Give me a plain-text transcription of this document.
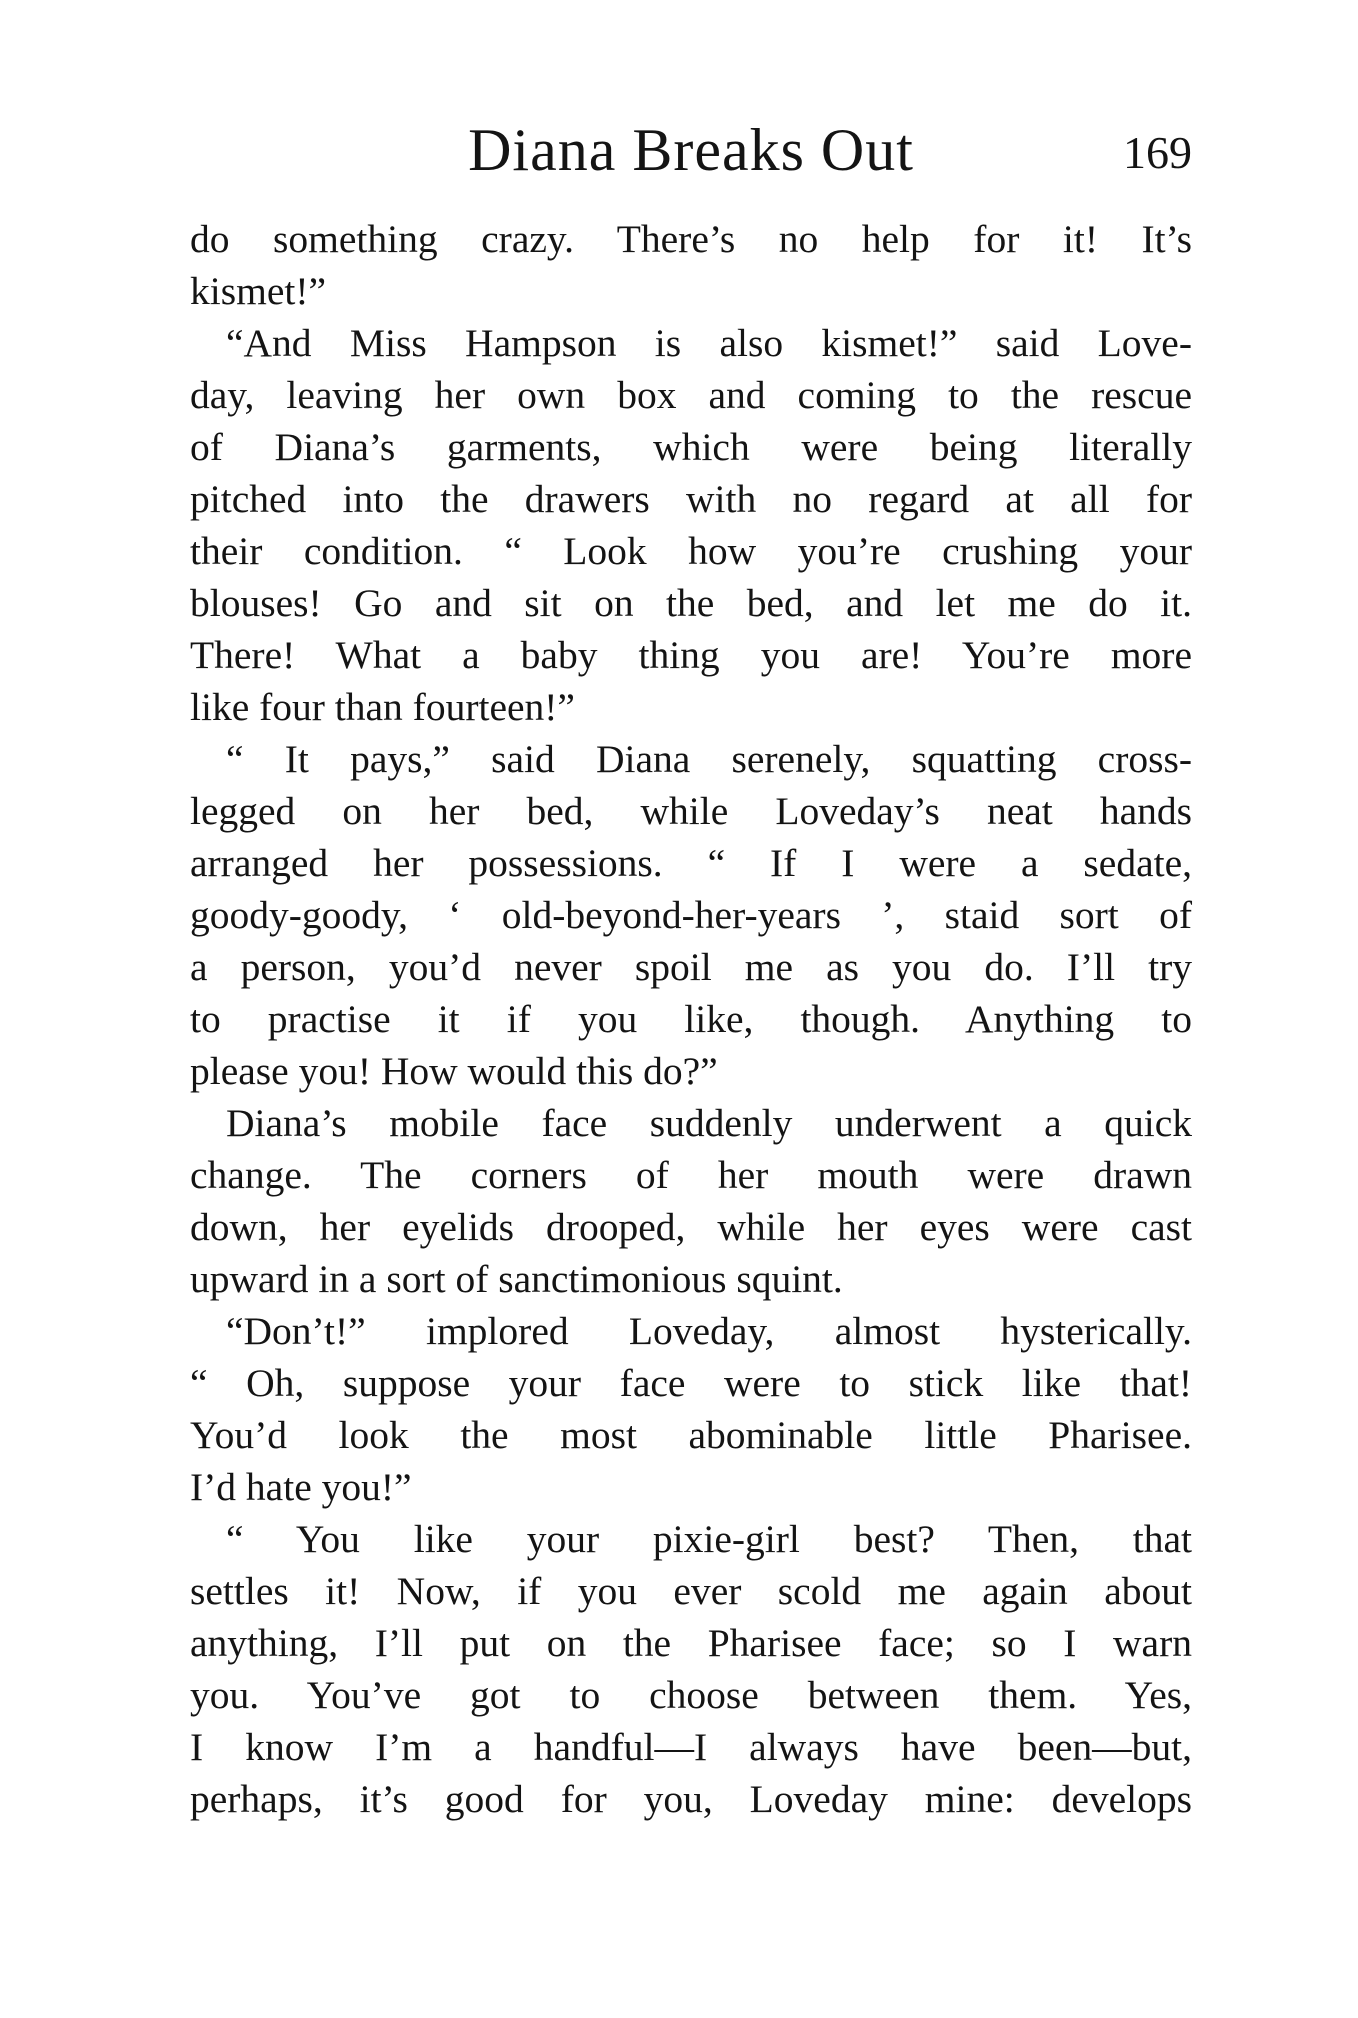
Diana Breaks Out	169
do something crazy. There’s no help for it! It’s
kismet!”
“And Miss Hampson is also kismet!” said Love-
day, leaving her own box and coming to the rescue
of Diana’s garments, which were being literally
pitched into the drawers with no regard at all for
their condition. “ Look how you’re crushing your
blouses! Go and sit on the bed, and let me do it.
There! What a baby thing you are! You’re more
like four than fourteen!”
“ It pays,” said Diana serenely, squatting cross-
legged on her bed, while Loveday’s neat hands
arranged her possessions. “ If I were a sedate,
goody-goody, ‘ old-beyond-her-years ’, staid sort of
a person, you’d never spoil me as you do. I’ll try
to practise it if you like, though. Anything to
please you! How would this do?”
Diana’s mobile face suddenly underwent a quick
change. The corners of her mouth were drawn
down, her eyelids drooped, while her eyes were cast
upward in a sort of sanctimonious squint.
“Don’t!” implored Loveday, almost hysterically.
“ Oh, suppose your face were to stick like that!
You’d look the most abominable little Pharisee.
I’d hate you!”
“ You like your pixie-girl best? Then, that
settles it! Now, if you ever scold me again about
anything, I’ll put on the Pharisee face; so I warn
you. You’ve got to choose between them. Yes,
I know I’m a handful—I always have been—but,
perhaps, it’s good for you, Loveday mine: develops
